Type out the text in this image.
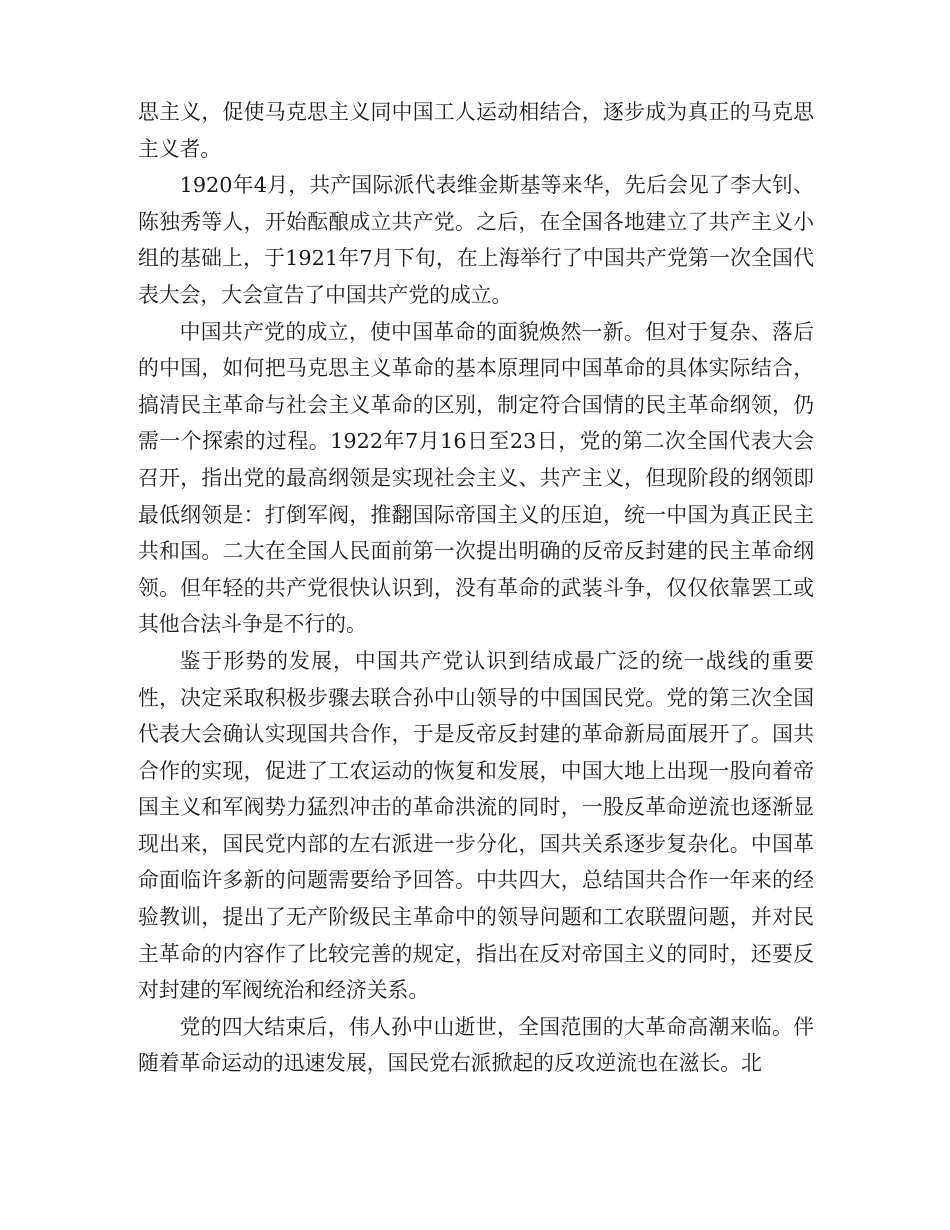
思主义，促使马克思主义同中国工人运动相结合，逐步成为真正的马克思主义者。

1920年4月，共产国际派代表维金斯基等来华，先后会见了李大钊、陈独秀等人，开始酝酿成立共产党。之后，在全国各地建立了共产主义小组的基础上，于1921年7月下旬，在上海举行了中国共产党第一次全国代表大会，大会宣告了中国共产党的成立。

中国共产党的成立，使中国革命的面貌焕然一新。但对于复杂、落后的中国，如何把马克思主义革命的基本原理同中国革命的具体实际结合，搞清民主革命与社会主义革命的区别，制定符合国情的民主革命纲领，仍需一个探索的过程。1922年7月16日至23日，党的第二次全国代表大会召开，指出党的最高纲领是实现社会主义、共产主义，但现阶段的纲领即最低纲领是：打倒军阀，推翻国际帝国主义的压迫，统一中国为真正民主共和国。二大在全国人民面前第一次提出明确的反帝反封建的民主革命纲领。但年轻的共产党很快认识到，没有革命的武装斗争，仅仅依靠罢工或其他合法斗争是不行的。

鉴于形势的发展，中国共产党认识到结成最广泛的统一战线的重要性，决定采取积极步骤去联合孙中山领导的中国国民党。党的第三次全国代表大会确认实现国共合作，于是反帝反封建的革命新局面展开了。国共合作的实现，促进了工农运动的恢复和发展，中国大地上出现一股向着帝国主义和军阀势力猛烈冲击的革命洪流的同时，一股反革命逆流也逐渐显现出来，国民党内部的左右派进一步分化，国共关系逐步复杂化。中国革命面临许多新的问题需要给予回答。中共四大，总结国共合作一年来的经验教训，提出了无产阶级民主革命中的领导问题和工农联盟问题，并对民主革命的内容作了比较完善的规定，指出在反对帝国主义的同时，还要反对封建的军阀统治和经济关系。

党的四大结束后，伟人孙中山逝世，全国范围的大革命高潮来临。伴随着革命运动的迅速发展，国民党右派掀起的反攻逆流也在滋长。北
